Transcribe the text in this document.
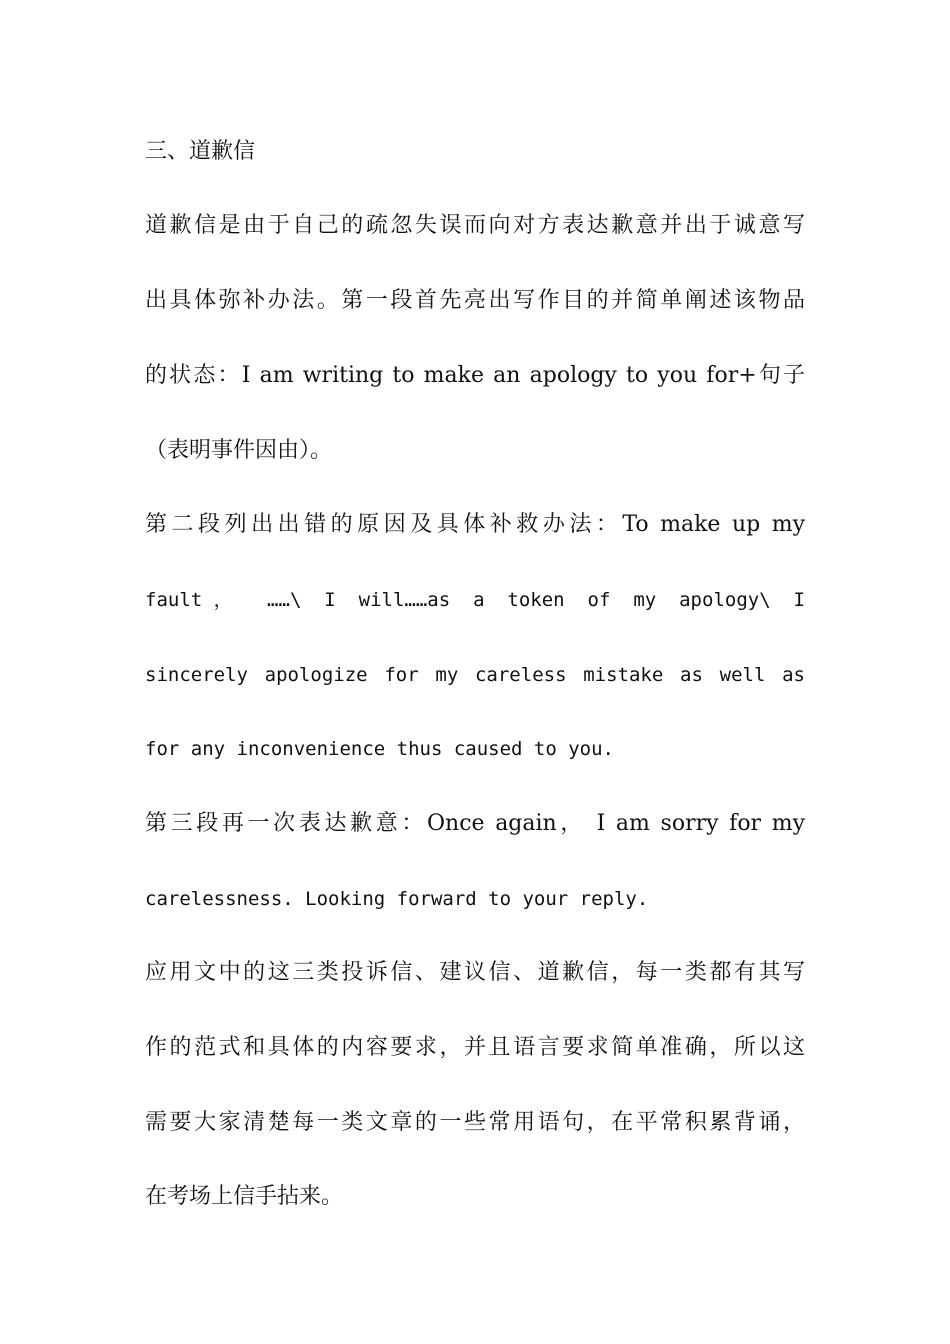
三、道歉信
道歉信是由于自己的疏忽失误而向对方表达歉意并出于诚意写
出具体弥补办法。第一段首先亮出写作目的并简单阐述该物品
的状态：I am writing to make an apology to you for+句子
（表明事件因由）。
第二段列出出错的原因及具体补救办法：To make up my
fault， ……\ I will……as a token of my apology\ I
sincerely apologize for my careless mistake as well as
for any inconvenience thus caused to you.
第三段再一次表达歉意：Once again， I am sorry for my
carelessness. Looking forward to your reply.
应用文中的这三类投诉信、建议信、道歉信，每一类都有其写
作的范式和具体的内容要求，并且语言要求简单准确，所以这
需要大家清楚每一类文章的一些常用语句，在平常积累背诵，
在考场上信手拈来。
